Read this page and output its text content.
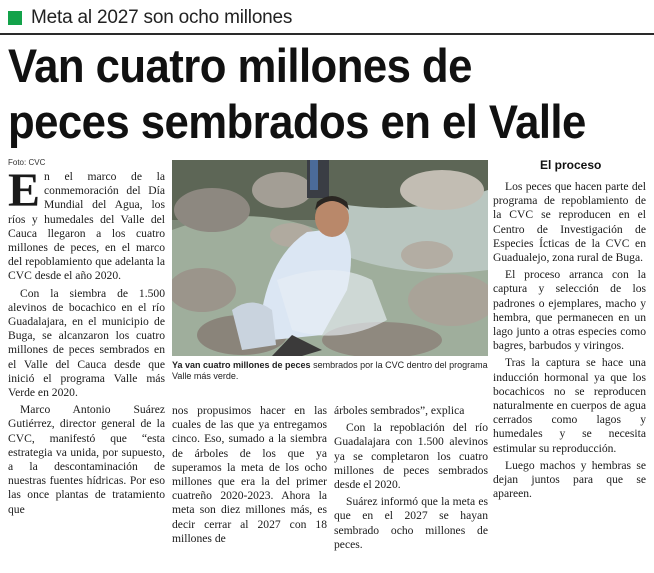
Meta al 2027 son ocho millones
Van cuatro millones de
peces sembrados en el Valle
Foto: CVC

En el marco de la conmemoración del Día Mundial del Agua, los ríos y humedales del Valle del Cauca llegaron a los cuatro millones de peces, en el marco del repoblamiento que adelanta la CVC desde el año 2020.

Con la siembra de 1.500 alevinos de bocachico en el río Guadalajara, en el municipio de Buga, se alcanzaron los cuatro millones de peces sembrados en el Valle del Cauca desde que inició el programa Valle más Verde en 2020.

Marco Antonio Suárez Gutiérrez, director general de la CVC, manifestó que “esta estrategia va unida, por supuesto, a la descontaminación de nuestras fuentes hídricas. Por eso las once plantas de tratamiento que

Ya van cuatro millones de peces sembrados por la CVC dentro del programa Valle más verde.

nos propusimos hacer en las cuales de las que ya entregamos cinco. Eso, sumado a la siembra de árboles de los que ya superamos la meta de los ocho millones que era la del primer cuatreño 2020-2023. Ahora la meta son diez millones más, es decir cerrar al 2027 con 18 millones de

árboles sembrados”, explica

Con la repoblación del río Guadalajara con 1.500 alevinos ya se completaron los cuatro millones de peces sembrados desde el 2020.

Suárez informó que la meta es que en el 2027 se hayan sembrado ocho millones de peces.

El proceso

Los peces que hacen parte del programa de repoblamiento de la CVC se reproducen en el Centro de Investigación de Especies Ícticas de la CVC en Guadualejo, zona rural de Buga.

El proceso arranca con la captura y selección de los padrones o ejemplares, macho y hembra, que permanecen en un lago junto a otras especies como bagres, barbudos y viringos.

Tras la captura se hace una inducción hormonal ya que los bocachicos no se reproducen naturalmente en cuerpos de agua cerrados como lagos y humedales y se necesita estimular su reproducción.

Luego machos y hembras se dejan juntos para que se apareen.
